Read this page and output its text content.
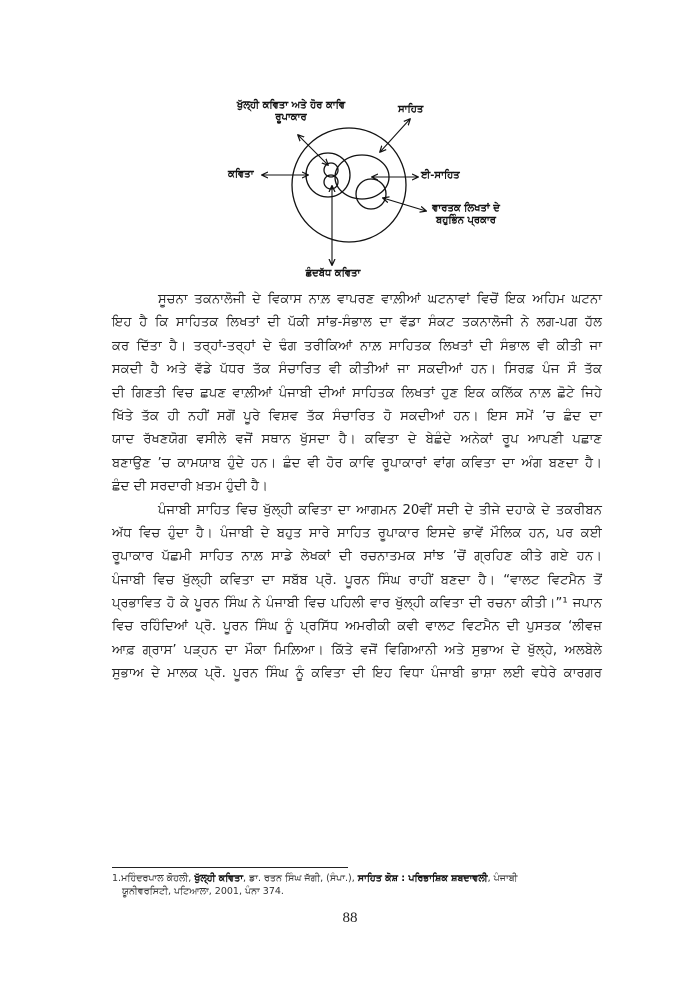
ਖੁੱਲ੍ਹੀ ਕਵਿਤਾ ਅਤੇ ਹੋਰ ਕਾਵਿ
ਰੂਪਾਕਾਰ
ਸਾਹਿਤ
ਕਵਿਤਾ	ਈ-ਸਾਹਿਤ
ਵਾਰਤਕ ਲਿਖਤਾਂ ਦੇ
ਬਹੁਭਿੰਨ ਪ੍ਰਕਾਰ
ਛੰਦਬੱਧ ਕਵਿਤਾ
ਸੂਚਨਾ ਤਕਨਾਲੋਜੀ ਦੇ ਵਿਕਾਸ ਨਾਲ਼ ਵਾਪਰਣ ਵਾਲ਼ੀਆਂ ਘਟਨਾਵਾਂ ਵਿਚੋਂ ਇਕ ਅਹਿਮ ਘਟਨਾ
ਇਹ ਹੈ ਕਿ ਸਾਹਿਤਕ ਲਿਖਤਾਂ ਦੀ ਪੱਕੀ ਸਾਂਭ-ਸੰਭਾਲ ਦਾ ਵੱਡਾ ਸੰਕਟ ਤਕਨਾਲੋਜੀ ਨੇ ਲਗ-ਪਗ ਹੱਲ
ਕਰ ਦਿੱਤਾ ਹੈ। ਤਰ੍ਹਾਂ-ਤਰ੍ਹਾਂ ਦੇ ਢੰਗ ਤਰੀਕਿਆਂ ਨਾਲ਼ ਸਾਹਿਤਕ ਲਿਖਤਾਂ ਦੀ ਸੰਭਾਲ ਵੀ ਕੀਤੀ ਜਾ
ਸਕਦੀ ਹੈ ਅਤੇ ਵੱਡੇ ਪੱਧਰ ਤੱਕ ਸੰਚਾਰਿਤ ਵੀ ਕੀਤੀਆਂ ਜਾ ਸਕਦੀਆਂ ਹਨ। ਸਿਰਫ਼ ਪੰਜ ਸੌ ਤੱਕ
ਦੀ ਗਿਣਤੀ ਵਿਚ ਛਪਣ ਵਾਲ਼ੀਆਂ ਪੰਜਾਬੀ ਦੀਆਂ ਸਾਹਿਤਕ ਲਿਖਤਾਂ ਹੁਣ ਇਕ ਕਲਿੱਕ ਨਾਲ਼ ਛੋਟੇ ਜਿਹੇ
ਖਿੱਤੇ ਤੱਕ ਹੀ ਨਹੀਂ ਸਗੋਂ ਪੂਰੇ ਵਿਸ਼ਵ ਤੱਕ ਸੰਚਾਰਿਤ ਹੋ ਸਕਦੀਆਂ ਹਨ। ਇਸ ਸਮੇਂ ’ਚ ਛੰਦ ਦਾ
ਯਾਦ ਰੱਖਣਯੋਗ ਵਸੀਲੇ ਵਜੋਂ ਸਥਾਨ ਖੁੱਸਦਾ ਹੈ। ਕਵਿਤਾ ਦੇ ਬੇਛੰਦੇ ਅਨੇਕਾਂ ਰੂਪ ਆਪਣੀ ਪਛਾਣ
ਬਣਾਉਣ ’ਚ ਕਾਮਯਾਬ ਹੁੰਦੇ ਹਨ। ਛੰਦ ਵੀ ਹੋਰ ਕਾਵਿ ਰੂਪਾਕਾਰਾਂ ਵਾਂਗ ਕਵਿਤਾ ਦਾ ਅੰਗ ਬਣਦਾ ਹੈ।
ਛੰਦ ਦੀ ਸਰਦਾਰੀ ਖ਼ਤਮ ਹੁੰਦੀ ਹੈ।
ਪੰਜਾਬੀ ਸਾਹਿਤ ਵਿਚ ਖੁੱਲ੍ਹੀ ਕਵਿਤਾ ਦਾ ਆਗਮਨ 20ਵੀਂ ਸਦੀ ਦੇ ਤੀਜੇ ਦਹਾਕੇ ਦੇ ਤਕਰੀਬਨ
ਅੱਧ ਵਿਚ ਹੁੰਦਾ ਹੈ। ਪੰਜਾਬੀ ਦੇ ਬਹੁਤ ਸਾਰੇ ਸਾਹਿਤ ਰੂਪਾਕਾਰ ਇਸਦੇ ਭਾਵੇਂ ਮੌਲਿਕ ਹਨ, ਪਰ ਕਈ
ਰੂਪਾਕਾਰ ਪੱਛਮੀ ਸਾਹਿਤ ਨਾਲ਼ ਸਾਡੇ ਲੇਖਕਾਂ ਦੀ ਰਚਨਾਤਮਕ ਸਾਂਝ ’ਚੋਂ ਗ੍ਰਹਿਣ ਕੀਤੇ ਗਏ ਹਨ।
ਪੰਜਾਬੀ ਵਿਚ ਖੁੱਲ੍ਹੀ ਕਵਿਤਾ ਦਾ ਸਬੱਬ ਪ੍ਰੋ. ਪੂਰਨ ਸਿੰਘ ਰਾਹੀਂ ਬਣਦਾ ਹੈ। “ਵਾਲਟ ਵਿਟਮੈਨ ਤੋਂ
ਪ੍ਰਭਾਵਿਤ ਹੋ ਕੇ ਪੂਰਨ ਸਿੰਘ ਨੇ ਪੰਜਾਬੀ ਵਿਚ ਪਹਿਲੀ ਵਾਰ ਖੁੱਲ੍ਹੀ ਕਵਿਤਾ ਦੀ ਰਚਨਾ ਕੀਤੀ।”¹ ਜਪਾਨ
ਵਿਚ ਰਹਿੰਦਿਆਂ ਪ੍ਰੋ. ਪੂਰਨ ਸਿੰਘ ਨੂੰ ਪ੍ਰਸਿੱਧ ਅਮਰੀਕੀ ਕਵੀ ਵਾਲਟ ਵਿਟਮੈਨ ਦੀ ਪੁਸਤਕ ‘ਲੀਵਜ਼
ਆਫ਼ ਗ੍ਰਾਸ’ ਪੜ੍ਹਨ ਦਾ ਮੌਕਾ ਮਿਲ਼ਿਆ। ਕਿੱਤੇ ਵਜੋਂ ਵਿਗਿਆਨੀ ਅਤੇ ਸੁਭਾਅ ਦੇ ਖੁੱਲ੍ਹੇ, ਅਲਬੇਲੇ
ਸੁਭਾਅ ਦੇ ਮਾਲਕ ਪ੍ਰੋ. ਪੂਰਨ ਸਿੰਘ ਨੂੰ ਕਵਿਤਾ ਦੀ ਇਹ ਵਿਧਾ ਪੰਜਾਬੀ ਭਾਸ਼ਾ ਲਈ ਵਧੇਰੇ ਕਾਰਗਰ
1.ਮਹਿੰਦਰਪਾਲ ਕੋਹਲੀ, ਖੁੱਲ੍ਹੀ ਕਵਿਤਾ, ਡਾ. ਰਤਨ ਸਿੰਘ ਜੱਗੀ, (ਸੰਪਾ.), ਸਾਹਿਤ ਕੋਸ਼ : ਪਰਿਭਾਸ਼ਿਕ ਸ਼ਬਦਾਵਲੀ, ਪੰਜਾਬੀ
ਯੂਨੀਵਰਸਿਟੀ, ਪਟਿਆਲਾ, 2001, ਪੰਨਾ 374.
88
